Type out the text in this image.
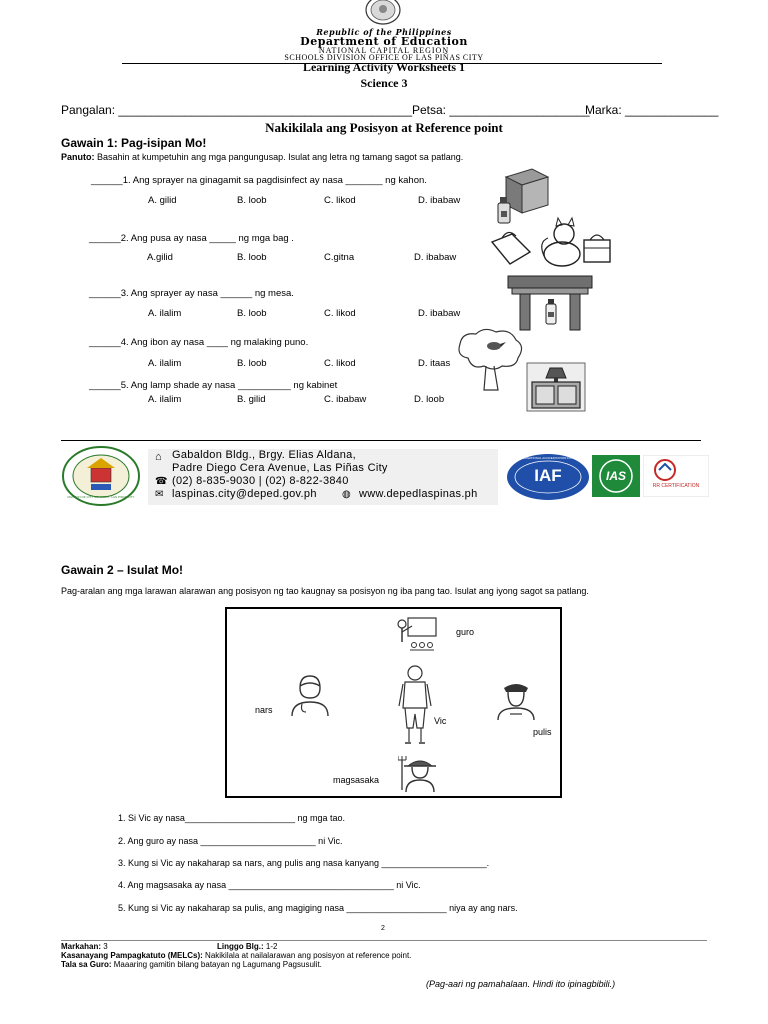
Republic of the Philippines
Department of Education
NATIONAL CAPITAL REGION
SCHOOLS DIVISION OFFICE OF LAS PIÑAS CITY
Learning Activity Worksheets 1
Science 3
Pangalan: ____________________________________________ Petsa: _____________________
Marka: ______________
Nakikilala ang Posisyon at Reference point
Gawain 1: Pag-isipan Mo!
Panuto: Basahin at kumpetuhin ang mga pangungusap. Isulat ang letra ng tamang sagot sa patlang.
______1. Ang sprayer na ginagamit sa pagdisinfect ay nasa _______ ng kahon.
A. gilid	B. loob	C. likod	D. ibabaw
______2. Ang pusa ay nasa _____ ng mga bag .
A.gilid	B. loob	C.gitna	D. ibabaw
______3. Ang sprayer ay nasa ______ ng mesa.
A. ilalim	B. loob	C. likod	D. ibabaw
______4. Ang ibon ay nasa ____ ng malaking puno.
A. ilalim	B. loob	C. likod	D. itaas
______5. Ang lamp shade ay nasa __________ ng kabinet
A. ilalim	B. gilid	C. ibabaw	D. loob
DIVISION OF CITY SCHOOLS · LAS PIÑAS CITY
⌂ Gabaldon Bldg., Brgy. Elias Aldana,
Padre Diego Cera Avenue, Las Piñas City
☎ (02) 8-835-9030 | (02) 8-822-3840
✉ laspinas.city@deped.gov.ph	◍ www.depedlaspinas.ph
INTERNATIONAL ACCREDITATION FORUM
IAF	IAS
RR CERTIFICATION
Gawain 2 – Isulat Mo!
Pag-aralan ang mga larawan alarawan ang posisyon ng tao kaugnay sa posisyon ng iba pang tao. Isulat ang iyong sagot sa patlang.
guro
nars
Vic
pulis
magsasaka
1. Si Vic ay nasa______________________ ng mga tao.
2. Ang guro ay nasa _______________________ ni Vic.
3. Kung si Vic ay nakaharap sa nars, ang pulis ang nasa kanyang _____________________.
4. Ang magsasaka ay nasa _________________________________ ni Vic.
5. Kung si Vic ay nakaharap sa pulis, ang magiging nasa ____________________ niya ay ang nars.
2
Markahan: 3	Linggo Blg.: 1-2
Kasanayang Pampagkatuto (MELCs): Nakikilala at nailalarawan ang posisyon at reference point.
Tala sa Guro: Maaaring gamitin bilang batayan ng Lagumang Pagsusulit.
(Pag-aari ng pamahalaan. Hindi ito ipinagbibili.)
